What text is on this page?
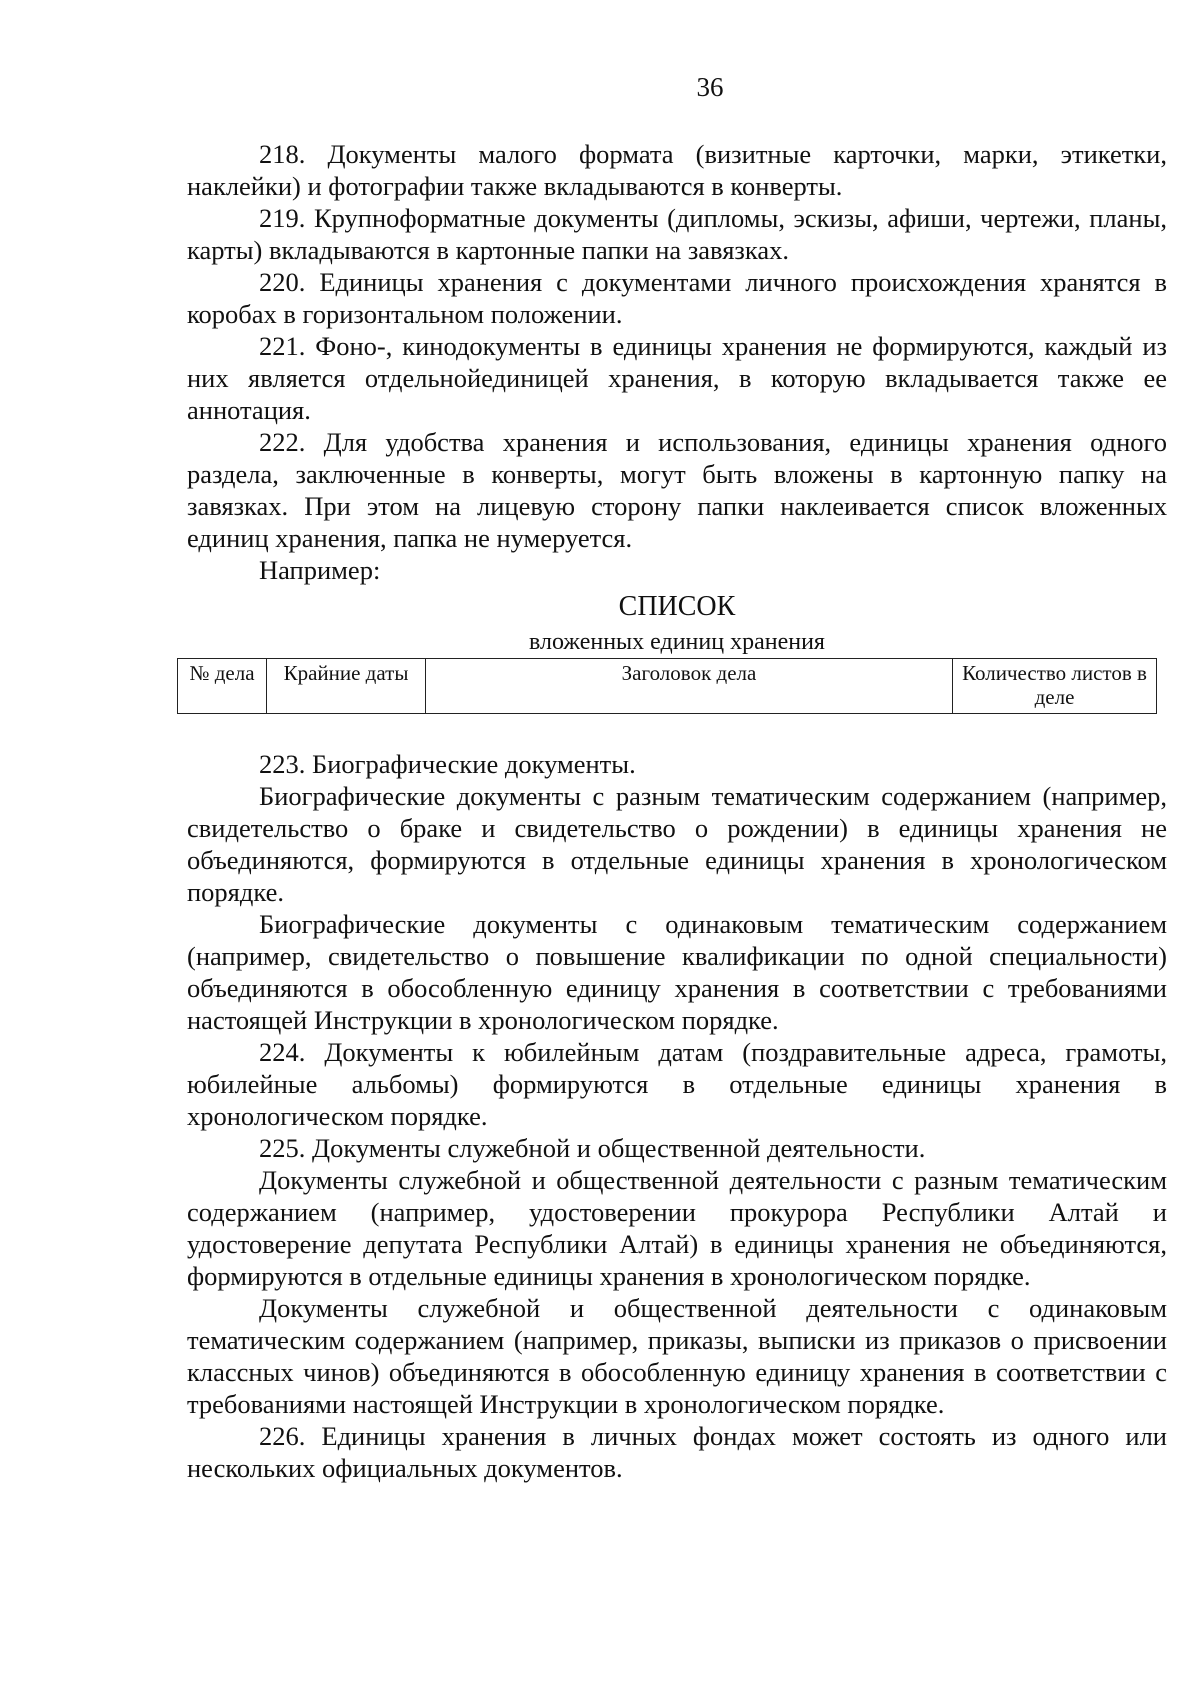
36

218. Документы малого формата (визитные карточки, марки, этикетки, наклейки) и фотографии также вкладываются в конверты.

219. Крупноформатные документы (дипломы, эскизы, афиши, чертежи, планы, карты) вкладываются в картонные папки на завязках.

220. Единицы хранения с документами личного происхождения хранятся в коробах в горизонтальном положении.

221. Фоно-, кинодокументы в единицы хранения не формируются, каждый из них является отдельнойединицей хранения, в которую вкладывается также ее аннотация.

222. Для удобства хранения и использования, единицы хранения одного раздела, заключенные в конверты, могут быть вложены в картонную папку на завязках. При этом на лицевую сторону папки наклеивается список вложенных единиц хранения, папка не нумеруется.

Например:

СПИСОК

вложенных единиц хранения

№ дела	Крайние даты	Заголовок дела	Количество листов в деле

223. Биографические документы.

Биографические документы с разным тематическим содержанием (например, свидетельство о браке и свидетельство о рождении) в единицы хранения не объединяются, формируются в отдельные единицы хранения в хронологическом порядке.

Биографические документы с одинаковым тематическим содержанием (например, свидетельство о повышение квалификации по одной специальности) объединяются в обособленную единицу хранения в соответствии с требованиями настоящей Инструкции в хронологическом порядке.

224. Документы к юбилейным датам (поздравительные адреса, грамоты, юбилейные альбомы) формируются в отдельные единицы хранения в хронологическом порядке.

225. Документы служебной и общественной деятельности.

Документы служебной и общественной деятельности с разным тематическим содержанием (например, удостоверении прокурора Республики Алтай и удостоверение депутата Республики Алтай) в единицы хранения не объединяются, формируются в отдельные единицы хранения в хронологическом порядке.

Документы служебной и общественной деятельности с одинаковым тематическим содержанием (например, приказы, выписки из приказов о присвоении классных чинов) объединяются в обособленную единицу хранения в соответствии с требованиями настоящей Инструкции в хронологическом порядке.

226. Единицы хранения в личных фондах может состоять из одного или нескольких официальных документов.
